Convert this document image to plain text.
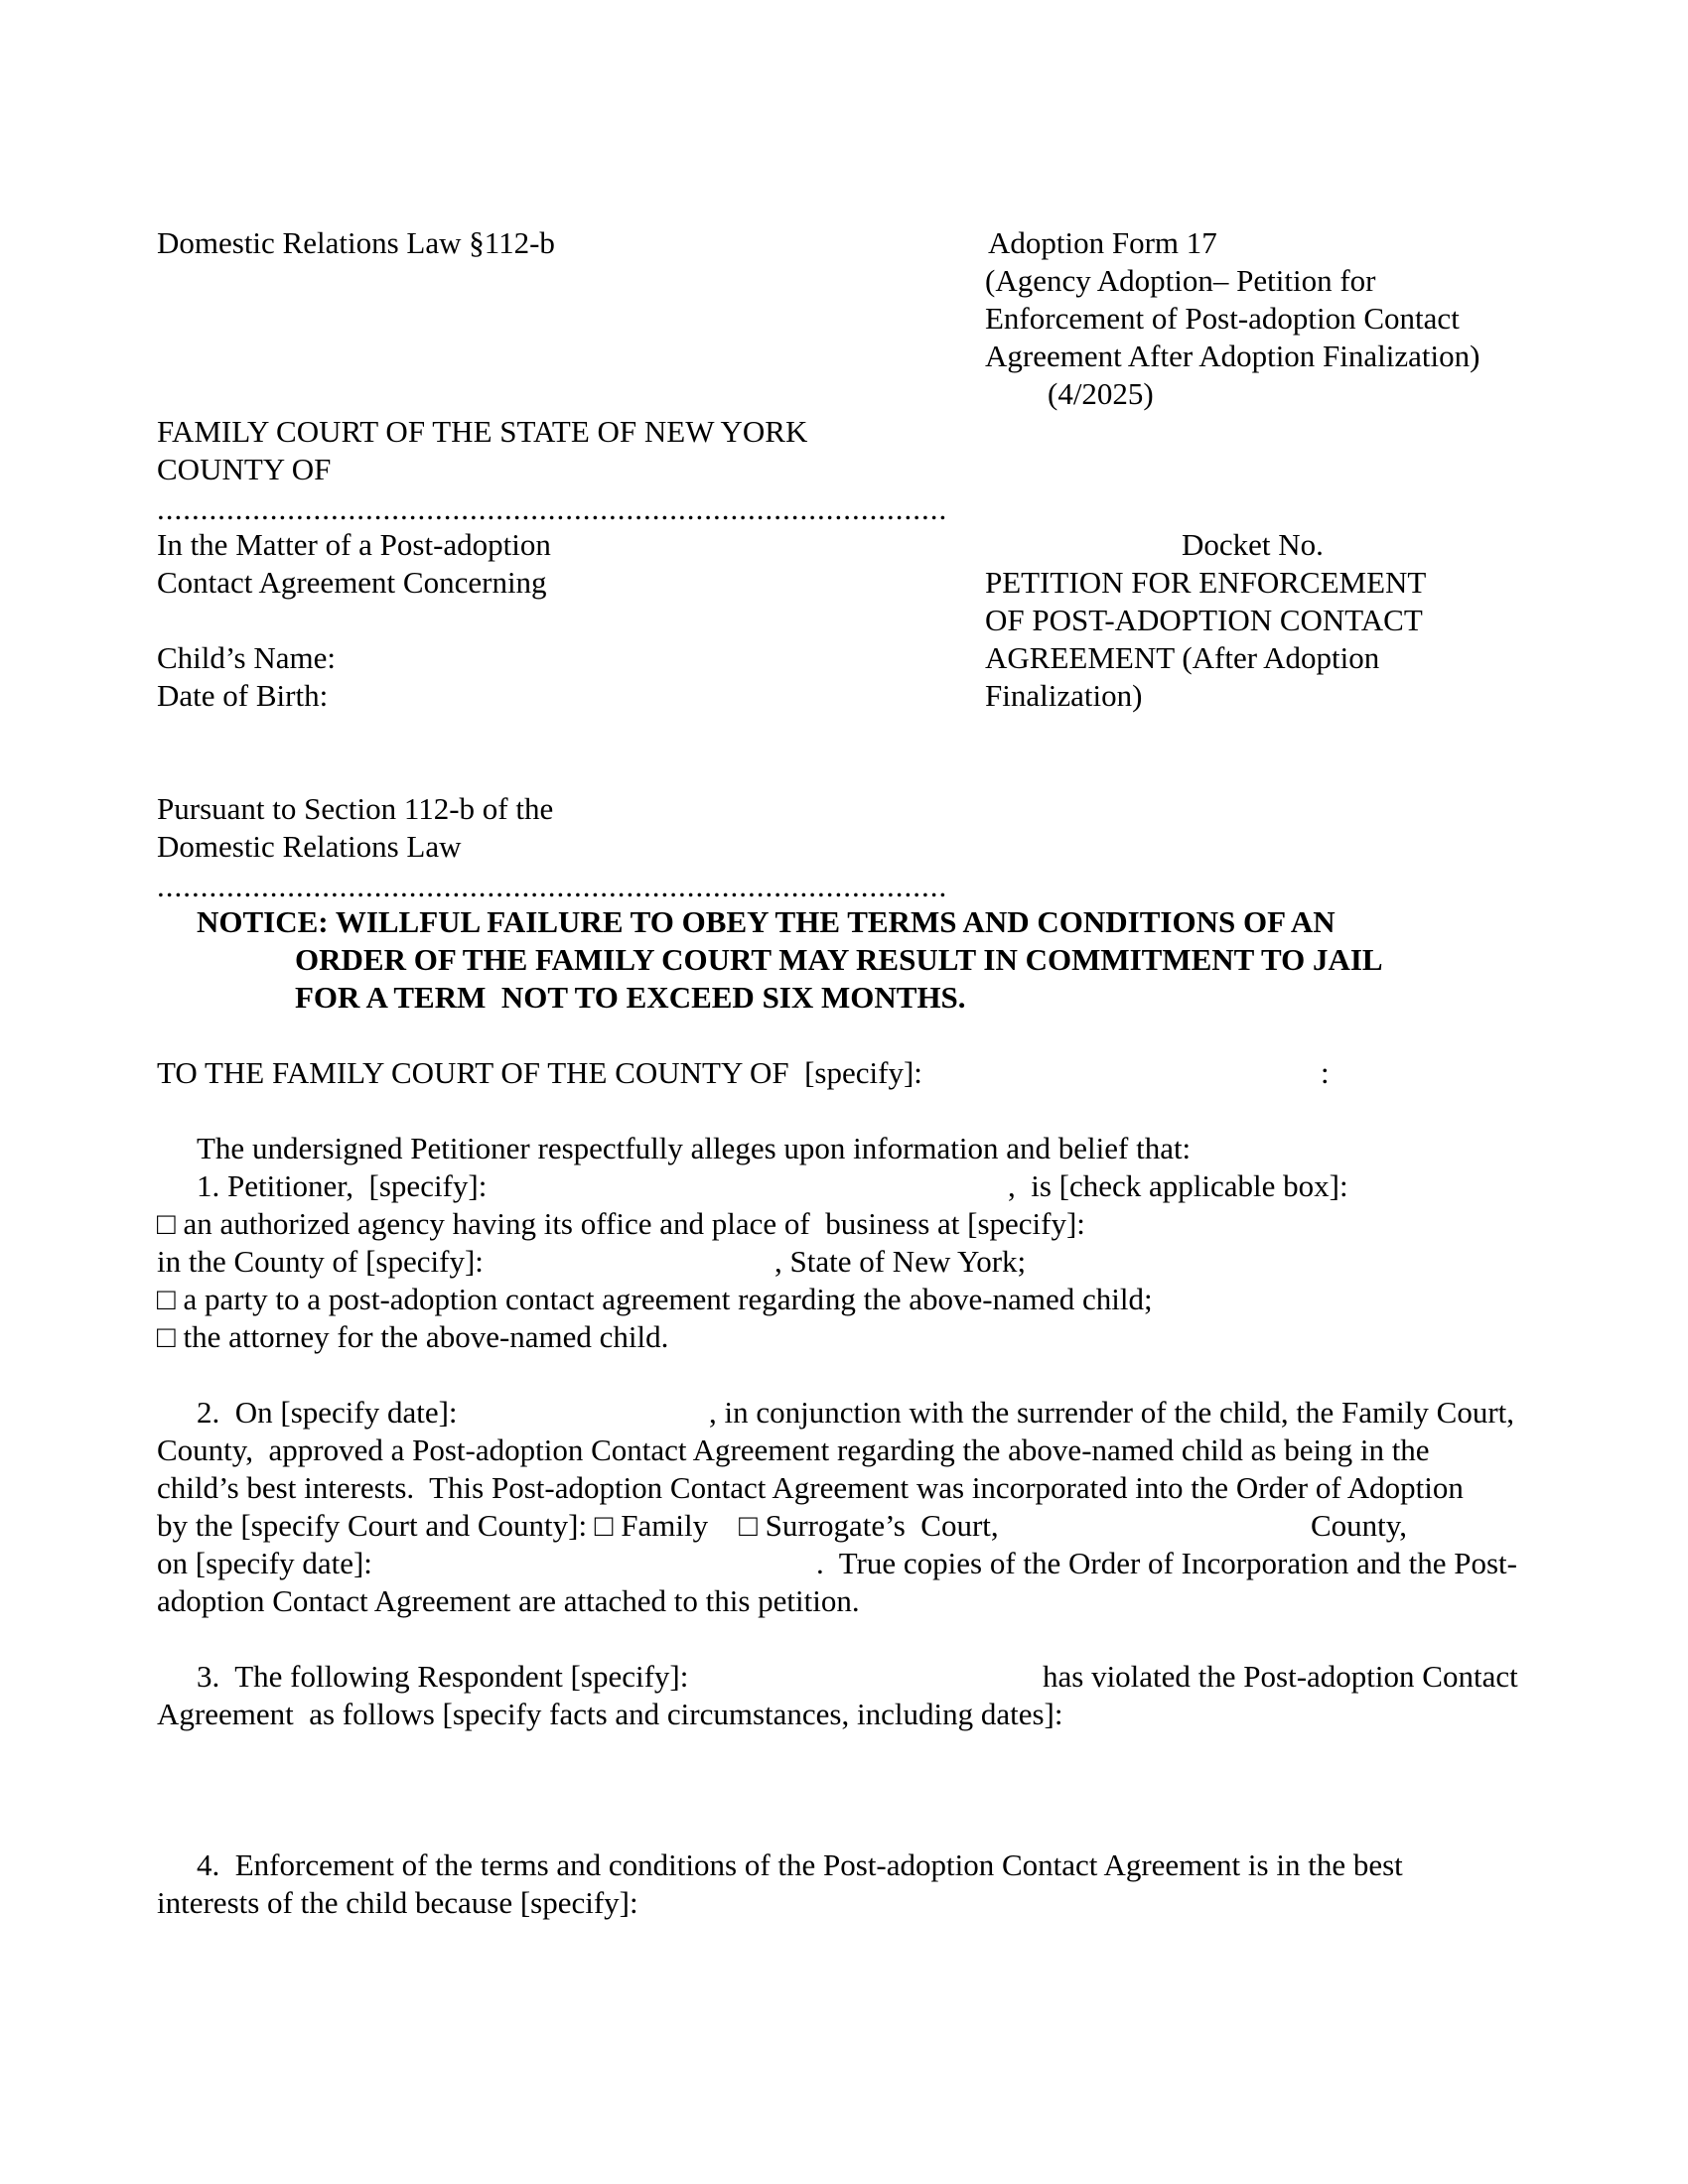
Domestic Relations Law §112-b	Adoption Form 17
(Agency Adoption– Petition for
Enforcement of Post-adoption Contact
Agreement After Adoption Finalization)
(4/2025)
FAMILY COURT OF THE STATE OF NEW YORK
COUNTY OF
...........................................................................................
In the Matter of a Post-adoption
Contact Agreement Concerning
Child’s Name:
Date of Birth:
Docket No.
PETITION FOR ENFORCEMENT
OF POST-ADOPTION CONTACT
AGREEMENT (After Adoption
Finalization)
Pursuant to Section 112-b of the
Domestic Relations Law
...........................................................................................
NOTICE: WILLFUL FAILURE TO OBEY THE TERMS AND CONDITIONS OF AN
ORDER OF THE FAMILY COURT MAY RESULT IN COMMITMENT TO JAIL
FOR A TERM  NOT TO EXCEED SIX MONTHS.
TO THE FAMILY COURT OF THE COUNTY OF  [specify]:	:
The undersigned Petitioner respectfully alleges upon information and belief that:
1. Petitioner,  [specify]:	,  is [check applicable box]:
□ an authorized agency having its office and place of  business at [specify]:
in the County of [specify]:	, State of New York;
□ a party to a post-adoption contact agreement regarding the above-named child;
□ the attorney for the above-named child.
2.  On [specify date]:	, in conjunction with the surrender of the child, the Family Court,
County,  approved a Post-adoption Contact Agreement regarding the above-named child as being in the
child’s best interests.  This Post-adoption Contact Agreement was incorporated into the Order of Adoption
by the [specify Court and County]: □ Family    □ Surrogate’s  Court,	County,
on [specify date]:	.  True copies of the Order of Incorporation and the Post-
adoption Contact Agreement are attached to this petition.
3.  The following Respondent [specify]:	has violated the Post-adoption Contact
Agreement  as follows [specify facts and circumstances, including dates]:
4.  Enforcement of the terms and conditions of the Post-adoption Contact Agreement is in the best
interests of the child because [specify]:
